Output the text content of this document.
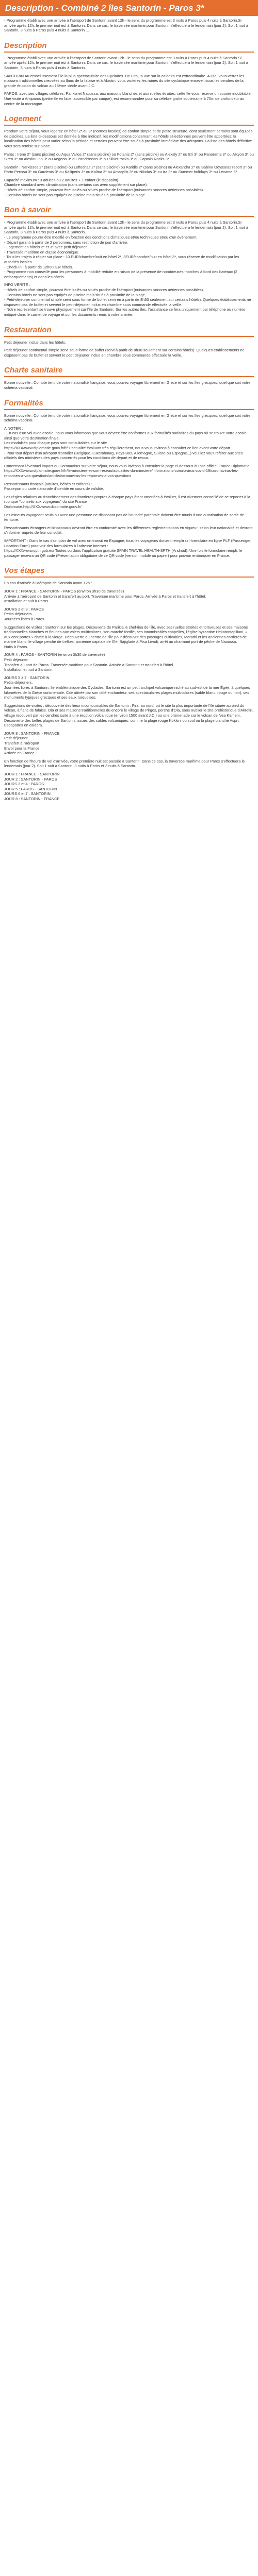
Description - Combiné 2 îles Santorin - Paros 3*

- Programme établi avec une arrivée à l'aéroport de Santorin avant 12h - le sens du programme est 3 nuits à Paros puis 4 nuits à Santorin.Si arrivée après 12h, le premier nuit est à Santorin. Dans ce cas, le traversée maritime pour Santorin s'effectuera le lendemain (jour 2). Soit 1 nuit à Santorin, 3 nuits à Paros puis 4 nuits à Santorin ...

Description

- Programme établi avec une arrivée à l'aéroport de Santorin avant 12h - le sens du programme est 3 nuits à Paros puis 4 nuits à Santorin.Si arrivée après 12h, le premier nuit est à Santorin. Dans ce cas, le traversée maritime pour Santorin s'effectuera le lendemain (jour 2). Soit 1 nuit à Santorin, 3 nuits à Paros puis 4 nuits à Santorin.

SANTORIN Au embellissement l'île la plus spectaculaire des Cyclades. De Fira, la vue sur la caldeira est extraordinaire. A Oia, vous verrez les maisons traditionnelles creusées au flanc de la falaise et à Akrotiri, vous visiterez les ruines du site cycladique enseveli sous les cendres de la grande éruption du volcan au 15ème siècle avant J.C.

PAROS, avec ses villages célèbres: Parikia et Naoussa, aux maisons blanches et aux ruelles étroites, cette île vous réserve un sourire inoubliable. Une visite à Antiparos (petite île en face, accessible par caïque), est recommandée pour sa célèbre grotte souterraine à 70m de profondeur au centre de la montagne.

Logement

Pendant votre séjour, vous logerez en hôtel 2* ou 3* (normes locales) de confort simple et de petite structure, dont seulement certains sont équipés de piscines. La liste ci-dessous est donnée à titre indicatif, les modifications concernant les hôtels sélectionnés peuvent être apportées; la localisation des hôtels peut varier selon la période et certains peuvent être situés à proximité immédiate des aéroports. La liste des hôtels définitive vous sera remise sur place.

Paros : Irene 2* (sans piscine) ou Aqua Vallos 2* (sans piscine) ou Fotanis 2* (sans piscine) ou Alexaly 2* ou Eri 3* ou Panorama 3* ou Alkyon 3* ou Siren 3* ou Alexiou Inn 3* ou Aegeon 3* ou Pandrossos 3* ou Silver rocks 3* ou Captain Rocks 3*

Santorin : Narkissos 2* (sans piscine) ou Lefteditas 2* (sans piscine) ou Karidis 2* (sans piscine) ou Alexandra 2* ou Sabina Odysseas resort 3* ou Porto Perissa 3* ou Gardenia 3* ou Kalliperis 3* ou Kalma 3* ou Amaryllis 3* ou Nikolas 3* ou Ira 3* ou Summer holidays 3* ou Levante 3*

Capacité maximum : 3 adultes ou 2 adultes + 1 enfant (lit d'appoint).
Chambre standard avec climatisation (dans certains cas avec supplément sur place).
- Hôtels de confort simple, pouvant être isolés ou situés proche de l'aéroport (nuisances sonores aériennes possibles).
- Certains hôtels ne sont pas équipés de piscine mais situés à proximité de la plage.

Bon à savoir

- Programme établi avec une arrivée à l'aéroport de Santorin avant 12h - le sens du programme est 3 nuits à Paros puis 4 nuits à Santorin.Si arrivée après 12h, le premier nuit est à Santorin. Dans ce cas, le traversée maritime pour Santorin s'effectuera le lendemain (jour 2). Soit 1 nuit à Santorin, 3 nuits à Paros puis 4 nuits à Santorin.
- Le programme pourra être modifié en fonction des conditions climatiques et/ou techniques et/ou d'un événement.
- Départ garanti à partir de 2 personnes, sans restriction de jour d'arrivée.
- Logement en hôtels 2* et 3* avec petit déjeuner.
- Traversée maritime en classe économique.
- Tous les trajets à régler sur place : 10 EUR/chambre/nuit en hôtel 2*, 3EUR/chambre/nuit en hôtel 3*, sous réserve de modification par les autorités locales.
- Check-in : à partir de 12h00 aux hôtels.
- Programme non conseillé pour les personnes à mobilité réduite en raison de la présence de nombreuses marches à bord des bateaux (2 embarquements) et dans les hôtels.

INFO VERITÉ :
- Hôtels de confort simple, pouvant être isolés ou situés proche de l'aéroport (nuisances sonores aériennes possibles).
- Certains hôtels ne sont pas équipés de piscine mais situés à proximité de la plage.
- Petit-déjeuner continental simple servi sous forme de buffet servi en à partir de 8h30 seulement sur certains hôtels). Quelques établissements ne disposent pas de buffet et servent le petit-déjeuner inclus en chambre sous commande effectuée la veille.
- Notre représentant se trouve physiquement sur l'île de Santorin. Sur les autres îles, l'assistance se fera uniquement par téléphone au numéro indiqué dans le carnet de voyage et sur les documents remis à votre arrivée.

Restauration

Petit déjeuner inclus dans les hôtels.

Petit déjeuner continental simple servi sous forme de buffet (servi à partir de 8h30 seulement sur certains hôtels). Quelques établissements ne disposent pas de buffet et servent le petit déjeuner inclus en chambre sous commande effectuée la veille.

Charte sanitaire

Bonne nouvelle : Compte tenu de votre nationalité française, vous pouvez voyager librement en Grèce et sur les îles grecques, quel que soit votre schéma vaccinal.

Formalités

Bonne nouvelle : Compte tenu de votre nationalité française, vous pouvez voyager librement en Grèce et sur les îles grecques, quel que soit votre schéma vaccinal.

A NOTER :
- En cas d'un vol avec escale, nous vous informons que vous devrez être conformes aux formalités sanitaires du pays où se trouve votre escale ainsi que votre destination finale.
Les modalités pour chaque pays sont consultables sur le site
https://XXX/www.diplomatie.gouv.fr/fr/ L'actualité évoluant très régulièrement, nous vous invitons à consulter ce lien avant votre départ.
- Pour tout départ d'un aéroport frontalier (Belgique, Luxembourg, Pays-Bas, Allemagne, Suisse ou Espagne...) veuillez vous référer aux sites officiels des ministères des pays concernés pour les conditions de départ et de retour.

Concernant l'éventuel impact du Coronavirus sur votre séjour, nous vous invitons à consulter la page ci-dessous du site officiel France Diplomatie :
https://XXX/www.diplomatie.gouv.fr/fr/le-ministere-et-son-reseau/actualites-du-ministere/informations-coronavirus-covid-19/coronavirus-les-reponses-a-vos-questions/article/coronavirus-les-reponses-a-vos-questions

Ressortissants français (adultes, bébés et enfants) :
Passeport ou carte nationale d'identité en cours de validité.

Les règles relatives au franchissement des frontières propres à chaque pays étant amenées à évoluer, il est vivement conseillé de se reporter à la rubrique "conseils aux voyageurs" du site France
Diplomatie.http://XXX/www.diplomatie.gouv.fr/

Les mineurs voyageant seuls ou avec une personne ne disposant pas de l'autorité parentale doivent être munis d'une autorisation de sortie de territoire.

Ressortissants étrangers et binationaux devront être en conformité avec les différentes réglementations en vigueur, selon leur nationalité et devront s'informer auprès de leur consulat.

IMPORTANT : Dans le cas d'un plan de vol avec un transit en Espagne, tous les voyageurs doivent remplir un formulaire en ligne PLF (Passenger Location Form) pour voir des formulaires à l'adresse internet :
https://XXX/www.spth.gob.es/ Toutes ou dans l'application gratuite SPAIN TRAVEL HEALTH-SPTH (Android). Une fois le formulaire rempli, le passager recevra un QR code (Présentation obligatoire de ce QR code (version mobile ou papier) pour pouvoir embarquer en France.

Vos étapes

En cas d'arrivée à l'aéroport de Santorin avant 12h :

JOUR 1 : FRANCE - SANTORIN - PAROS (environ 3h30 de traversée)
Arrivée à l'aéroport de Santorin et transfert au port. Traversée maritime pour Paros. Arrivée à Paros et transfert à l'hôtel.
Installation et nuit à Paros.

JOURS 2 et 3 : PAROS
Petits-déjeuners.
Journées libres à Paros.

Suggestions de visites : Santorin sur les plages. Découverte de Parikia le chef-lieu de l'île, avec ses ruelles étroites et tortueuses et ses maisons traditionnelles blanches et fleuries aux volets multicolores, son marché fortifié, ses innombrables chapelles, l'église byzantine Hekatontapiliani, « aux cent portes » datée à la vierge. Découverte du centre de l'île pour découvrir des paysages cultivables, Marathi et les anciennes carrières de marbre blanc, le village perché de Lefkes, ancienne capitale de l'île, Bajiglade à Pisa Livadi, arrêt au charmant port de pêche de Naoussa.
Nuits à Paros.

JOUR 4 : PAROS - SANTORIN (environ 3h30 de traversée)
Petit déjeuner.
Transfert au port de Paros. Traversée maritime pour Santorin. Arrivée à Santorin et transfert à l'hôtel.
Installation et nuit à Santorin.

JOURS 5 à 7 : SANTORIN
Petits-déjeuners.
Journées libres à Santorin, île emblématique des Cyclades. Santorin est un petit archipel volcanique niché au sud-est de la mer Égée, à quelques kilomètres de la Grèce continentale. Cité attirée par son côté enchanteur, ses spectaculaires plages multicolores (sable blanc, rouge ou noir), ses monuments typiques grecques et ses eaux turquoises.

Suggestions de visites : découverte des lieux incontournables de Santorin : Fira, au nord, où le site la plus importante de l'île située au pied du volcan, à flanc de falaise. Oia et ses maisons traditionnelles du encore le village de Pirgos, perché d'Oia, sans oublier le site préhistorique d'Akrotiri, village recouvert par les cendres suite à une éruption volcanique (environ 1500 avant J.C.) ou une promenade sur le volcan de Nea Kameni. Découverte des belles plages de Santorin, issues des sables volcaniques, comme la plage rouge Kokkini ou soul ou la plage blanche Aspri.
Escapades en caldera.

JOUR 8 : SANTORIN - FRANCE
Petit déjeuner.
Transfert à l'aéroport
Envol pour la France.
Arrivée en France.

En fonction de l'heure de vol d'arrivée, votre première nuit est passée à Santorin. Dans ce cas, la traversée maritime pour Paros s'effectuera le lendemain (jour 2). Soit 1 nuit à Santorin, 3 nuits à Paros et 3 nuits à Santorin.

JOUR 1 : FRANCE - SANTORIN
JOUR 2 : SANTORIN - PAROS
JOURS 3 et 4 : PAROS
JOUR 5 : PAROS - SANTORIN
JOURS 6 et 7 : SANTORIN
JOUR 8 : SANTORIN - FRANCE
